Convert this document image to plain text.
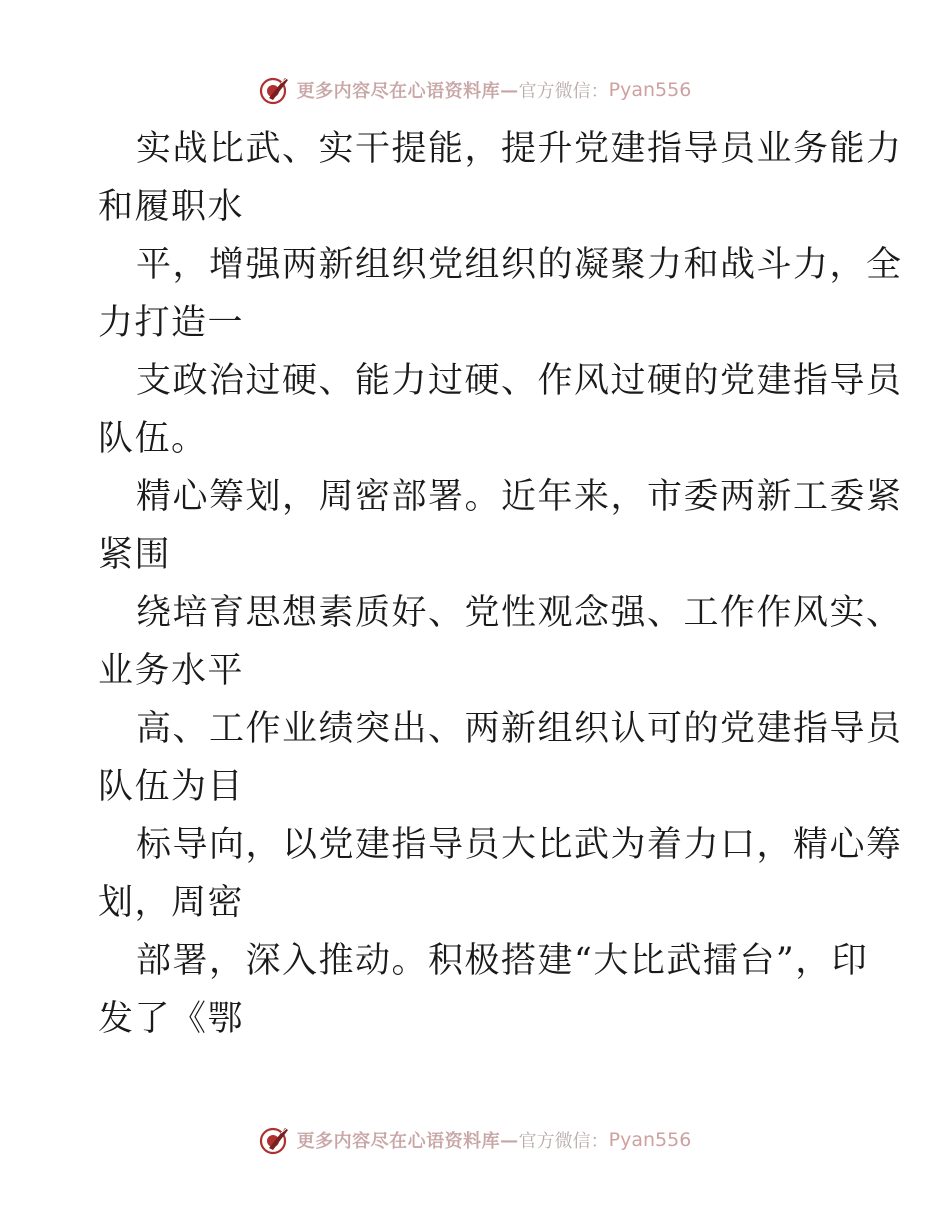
更多内容尽在心语资料库 — 官方微信： Pyan556
实战比武、实干提能，提升党建指导员业务能力
和履职水
平，增强两新组织党组织的凝聚力和战斗力，全
力打造一
支政治过硬、能力过硬、作风过硬的党建指导员
队伍。
精心筹划，周密部署。近年来，市委两新工委紧
紧围
绕培育思想素质好、党性观念强、工作作风实、
业务水平
高、工作业绩突出、两新组织认可的党建指导员
队伍为目
标导向，以党建指导员大比武为着力口，精心筹
划，周密
部署，深入推动。积极搭建“大比武擂台”，印
发了《鄂
更多内容尽在心语资料库 — 官方微信： Pyan556
